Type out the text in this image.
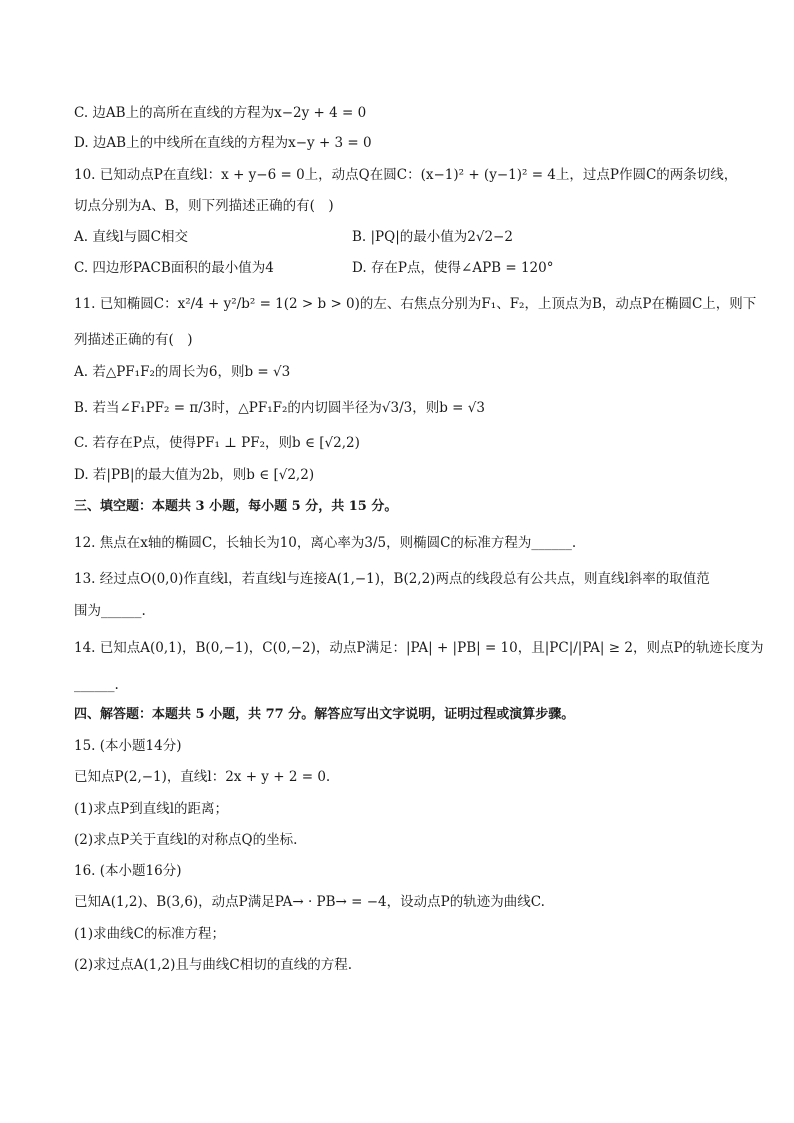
C. 边AB上的高所在直线的方程为x−2y + 4 = 0
D. 边AB上的中线所在直线的方程为x−y + 3 = 0
10. 已知动点P在直线l：x + y−6 = 0上，动点Q在圆C：(x−1)² + (y−1)² = 4上，过点P作圆C的两条切线，
切点分别为A、B，则下列描述正确的有(　)
A. 直线l与圆C相交	B. |PQ|的最小值为2√2−2
C. 四边形PACB面积的最小值为4	D. 存在P点，使得∠APB = 120°
11. 已知椭圆C：x²/4 + y²/b² = 1(2 > b > 0)的左、右焦点分别为F₁、F₂，上顶点为B，动点P在椭圆C上，则下
列描述正确的有(　)
A. 若△PF₁F₂的周长为6，则b = √3
B. 若当∠F₁PF₂ = π/3时，△PF₁F₂的内切圆半径为√3/3，则b = √3
C. 若存在P点，使得PF₁ ⊥ PF₂，则b ∈ [√2,2)
D. 若|PB|的最大值为2b，则b ∈ [√2,2)
三、填空题：本题共 3 小题，每小题 5 分，共 15 分。
12. 焦点在x轴的椭圆C，长轴长为10，离心率为3/5，则椭圆C的标准方程为______.
13. 经过点O(0,0)作直线l，若直线l与连接A(1,−1)，B(2,2)两点的线段总有公共点，则直线l斜率的取值范
围为______.
14. 已知点A(0,1)，B(0,−1)，C(0,−2)，动点P满足：|PA| + |PB| = 10，且|PC|/|PA| ≥ 2，则点P的轨迹长度为
______.
四、解答题：本题共 5 小题，共 77 分。解答应写出文字说明，证明过程或演算步骤。
15. (本小题14分)
已知点P(2,−1)，直线l：2x + y + 2 = 0.
(1)求点P到直线l的距离；
(2)求点P关于直线l的对称点Q的坐标.
16. (本小题16分)
已知A(1,2)、B(3,6)，动点P满足PA→ · PB→ = −4，设动点P的轨迹为曲线C.
(1)求曲线C的标准方程；
(2)求过点A(1,2)且与曲线C相切的直线的方程.
